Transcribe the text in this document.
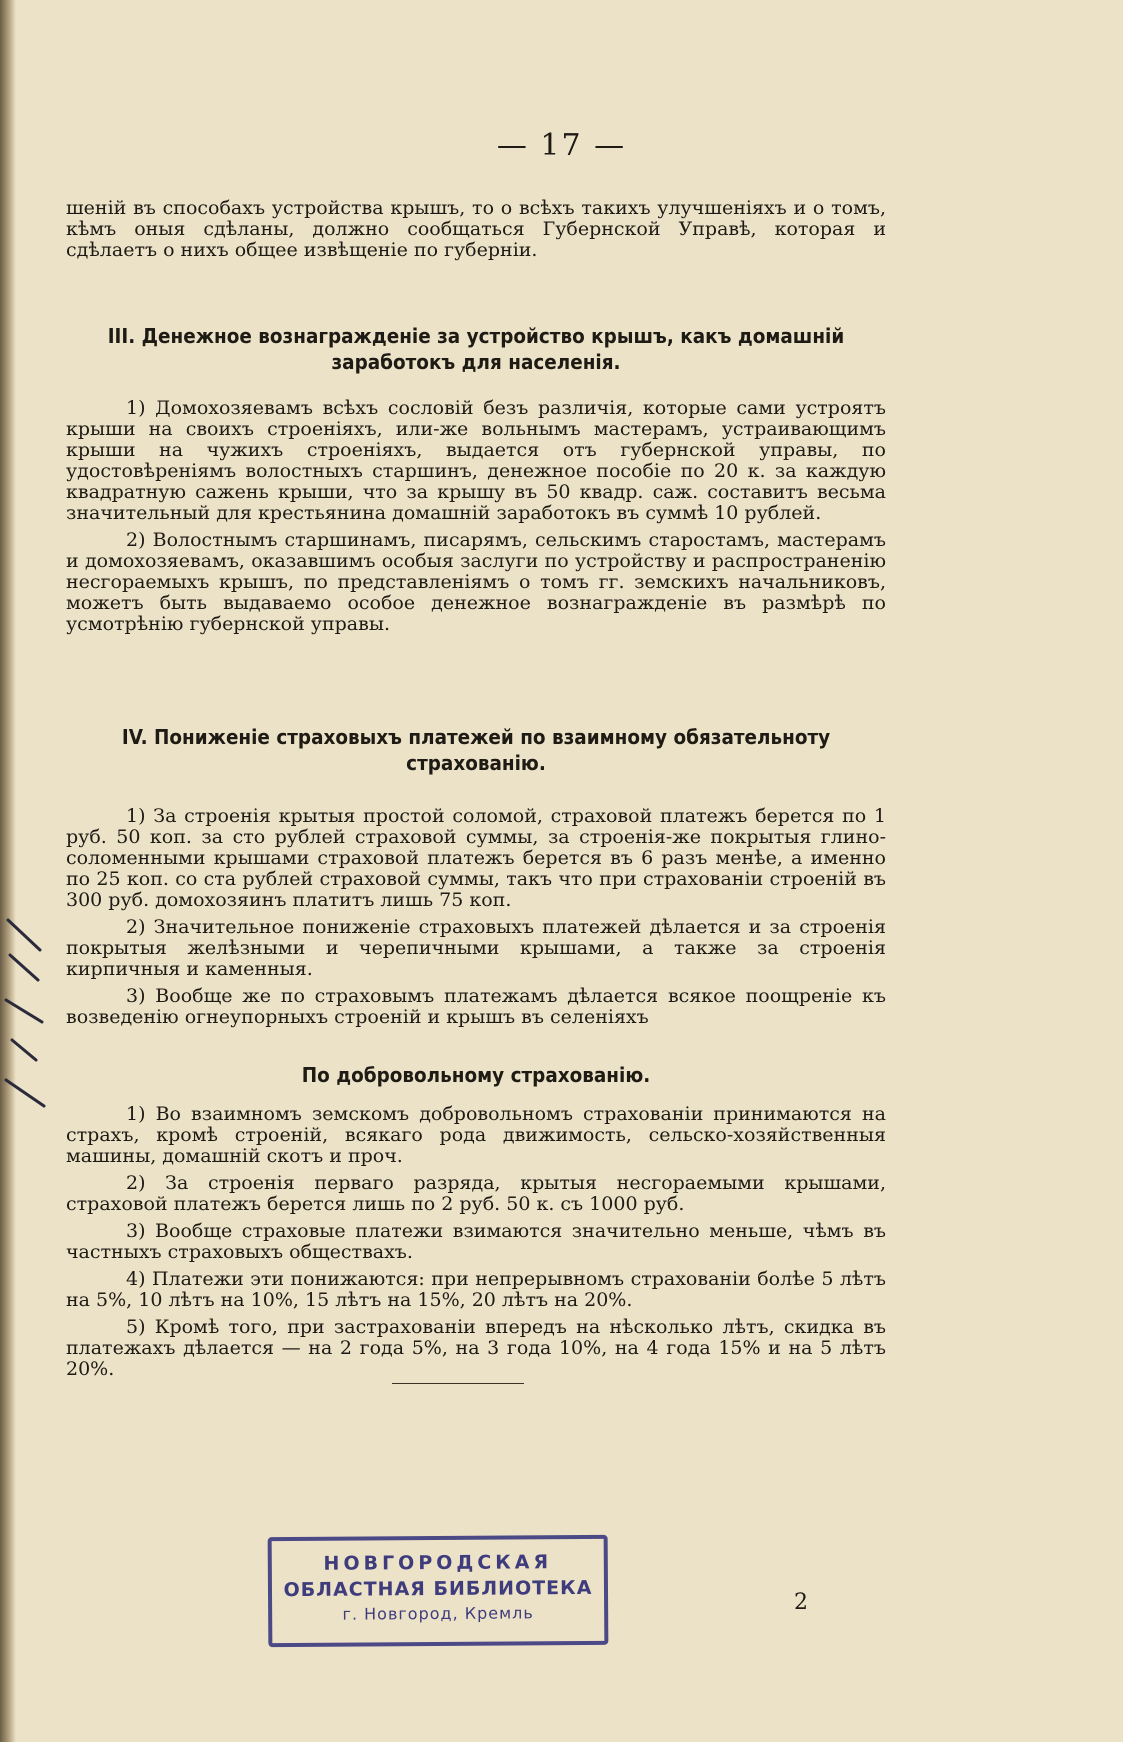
— 17 —

шеній въ способахъ устройства крышъ, то о всѣхъ такихъ улучшеніяхъ и о томъ, кѣмъ оныя сдѣланы, должно сообщаться Губернской Управѣ, которая и сдѣлаетъ о нихъ общее извѣщеніе по губерніи.

III. Денежное вознагражденіе за устройство крышъ, какъ домашній заработокъ для населенія.

1) Домохозяевамъ всѣхъ сословій безъ различія, которые сами устроятъ крыши на своихъ строеніяхъ, или-же вольнымъ мастерамъ, устраивающимъ крыши на чужихъ строеніяхъ, выдается отъ губернской управы, по удостовѣреніямъ волостныхъ старшинъ, денежное пособіе по 20 к. за каждую квадратную сажень крыши, что за крышу въ 50 квадр. саж. составитъ весьма значительный для крестьянина домашній заработокъ въ суммѣ 10 рублей.

2) Волостнымъ старшинамъ, писарямъ, сельскимъ старостамъ, мастерамъ и домохозяевамъ, оказавшимъ особыя заслуги по устройству и распространенію несгораемыхъ крышъ, по представленіямъ о томъ гг. земскихъ начальниковъ, можетъ быть выдаваемо особое денежное вознагражденіе въ размѣрѣ по усмотрѣнію губернской управы.

IV. Пониженіе страховыхъ платежей по взаимному обязательноту страхованію.

1) За строенія крытыя простой соломой, страховой платежъ берется по 1 руб. 50 коп. за сто рублей страховой суммы, за строенія-же покрытыя глино-соломенными крышами страховой платежъ берется въ 6 разъ менѣе, а именно по 25 коп. со ста рублей страховой суммы, такъ что при страхованіи строеній въ 300 руб. домохозяинъ платитъ лишь 75 коп.

2) Значительное пониженіе страховыхъ платежей дѣлается и за строенія покрытыя желѣзными и черепичными крышами, а также за строенія кирпичныя и каменныя.

3) Вообще же по страховымъ платежамъ дѣлается всякое поощреніе къ возведенію огнеупорныхъ строеній и крышъ въ селеніяхъ

По добровольному страхованію.

1) Во взаимномъ земскомъ добровольномъ страхованіи принимаются на страхъ, кромѣ строеній, всякаго рода движимость, сельско-хозяйственныя машины, домашній скотъ и проч.

2) За строенія перваго разряда, крытыя несгораемыми крышами, страховой платежъ берется лишь по 2 руб. 50 к. съ 1000 руб.

3) Вообще страховые платежи взимаются значительно меньше, чѣмъ въ частныхъ страховыхъ обществахъ.

4) Платежи эти понижаются: при непрерывномъ страхованіи болѣе 5 лѣтъ на 5%, 10 лѣтъ на 10%, 15 лѣтъ на 15%, 20 лѣтъ на 20%.

5) Кромѣ того, при застрахованіи впередъ на нѣсколько лѣтъ, скидка въ платежахъ дѣлается — на 2 года 5%, на 3 года 10%, на 4 года 15% и на 5 лѣтъ 20%.

НОВГОРОДСКАЯ
ОБЛАСТНАЯ БИБЛИОТЕКА
г. Новгород, Кремль	2
